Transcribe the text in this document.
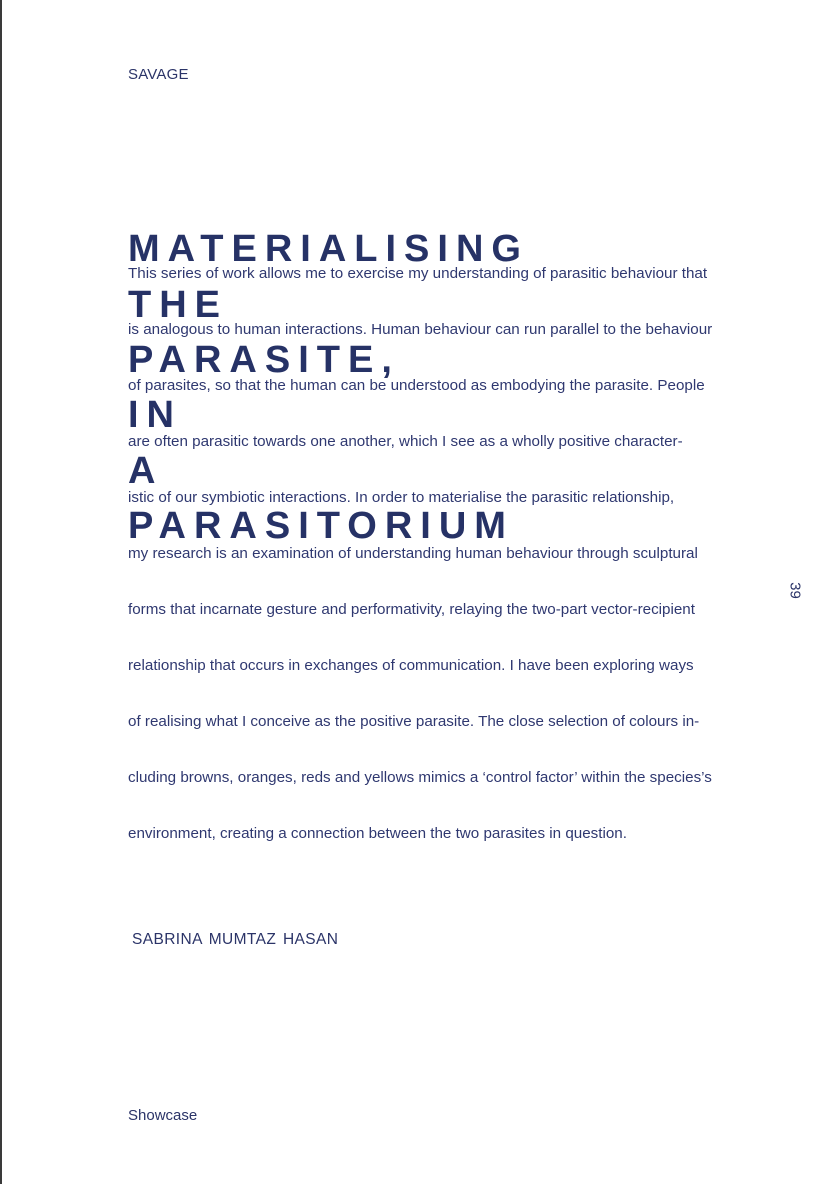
SAVAGE
MATERIALISING
THE
PARASITE,
IN
A
PARASITORIUM
This series of work allows me to exercise my understanding of parasitic behaviour that
is analogous to human interactions. Human behaviour can run parallel to the behaviour
of parasites, so that the human can be understood as embodying the parasite. People
are often parasitic towards one another, which I see as a wholly positive character-
istic of our symbiotic interactions. In order to materialise the parasitic relationship,
my research is an examination of understanding human behaviour through sculptural
forms that incarnate gesture and performativity, relaying the two-part vector-recipient
relationship that occurs in exchanges of communication. I have been exploring ways
of realising what I conceive as the positive parasite. The close selection of colours in-
cluding browns, oranges, reds and yellows mimics a ‘control factor’ within the species’s
environment, creating a connection between the two parasites in question.
39
SABRINA MUMTAZ HASAN
Showcase
